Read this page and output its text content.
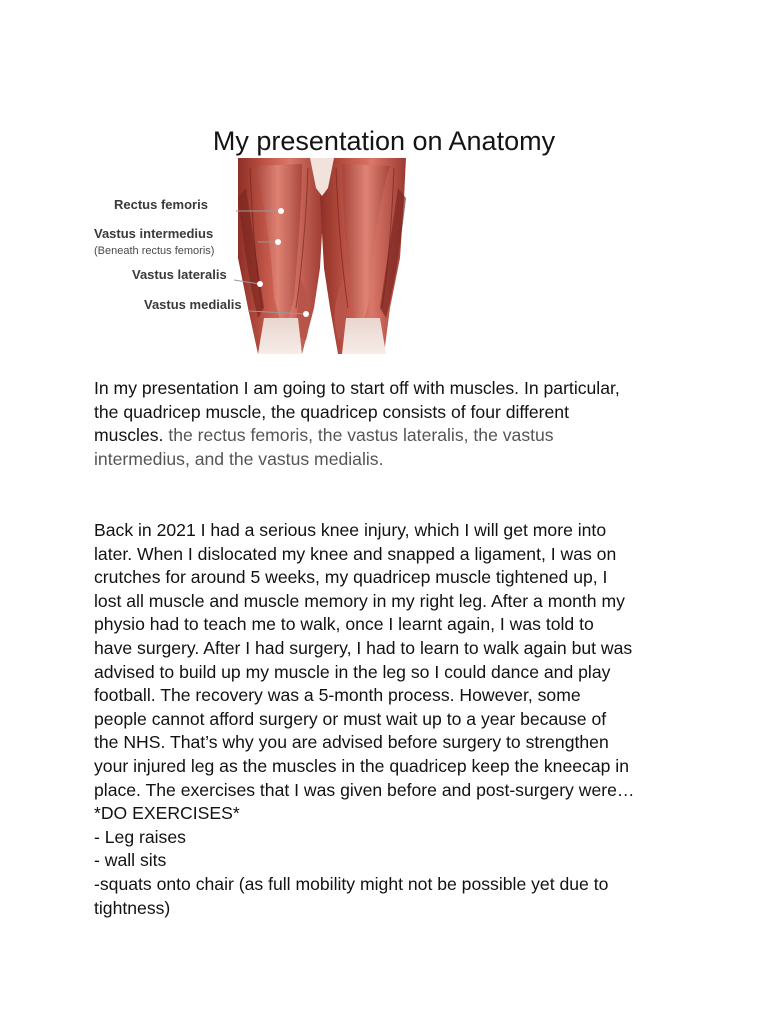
My presentation on Anatomy
Rectus femoris
Vastus intermedius
(Beneath rectus femoris)
Vastus lateralis
Vastus medialis

In my presentation I am going to start off with muscles. In particular,
the quadricep muscle, the quadricep consists of four different
muscles. the rectus femoris, the vastus lateralis, the vastus
intermedius, and the vastus medialis.

Back in 2021 I had a serious knee injury, which I will get more into
later. When I dislocated my knee and snapped a ligament, I was on
crutches for around 5 weeks, my quadricep muscle tightened up, I
lost all muscle and muscle memory in my right leg. After a month my
physio had to teach me to walk, once I learnt again, I was told to
have surgery. After I had surgery, I had to learn to walk again but was
advised to build up my muscle in the leg so I could dance and play
football. The recovery was a 5-month process. However, some
people cannot afford surgery or must wait up to a year because of
the NHS. That’s why you are advised before surgery to strengthen
your injured leg as the muscles in the quadricep keep the kneecap in
place. The exercises that I was given before and post-surgery were…
*DO EXERCISES*
- Leg raises
- wall sits
-squats onto chair (as full mobility might not be possible yet due to
tightness)
